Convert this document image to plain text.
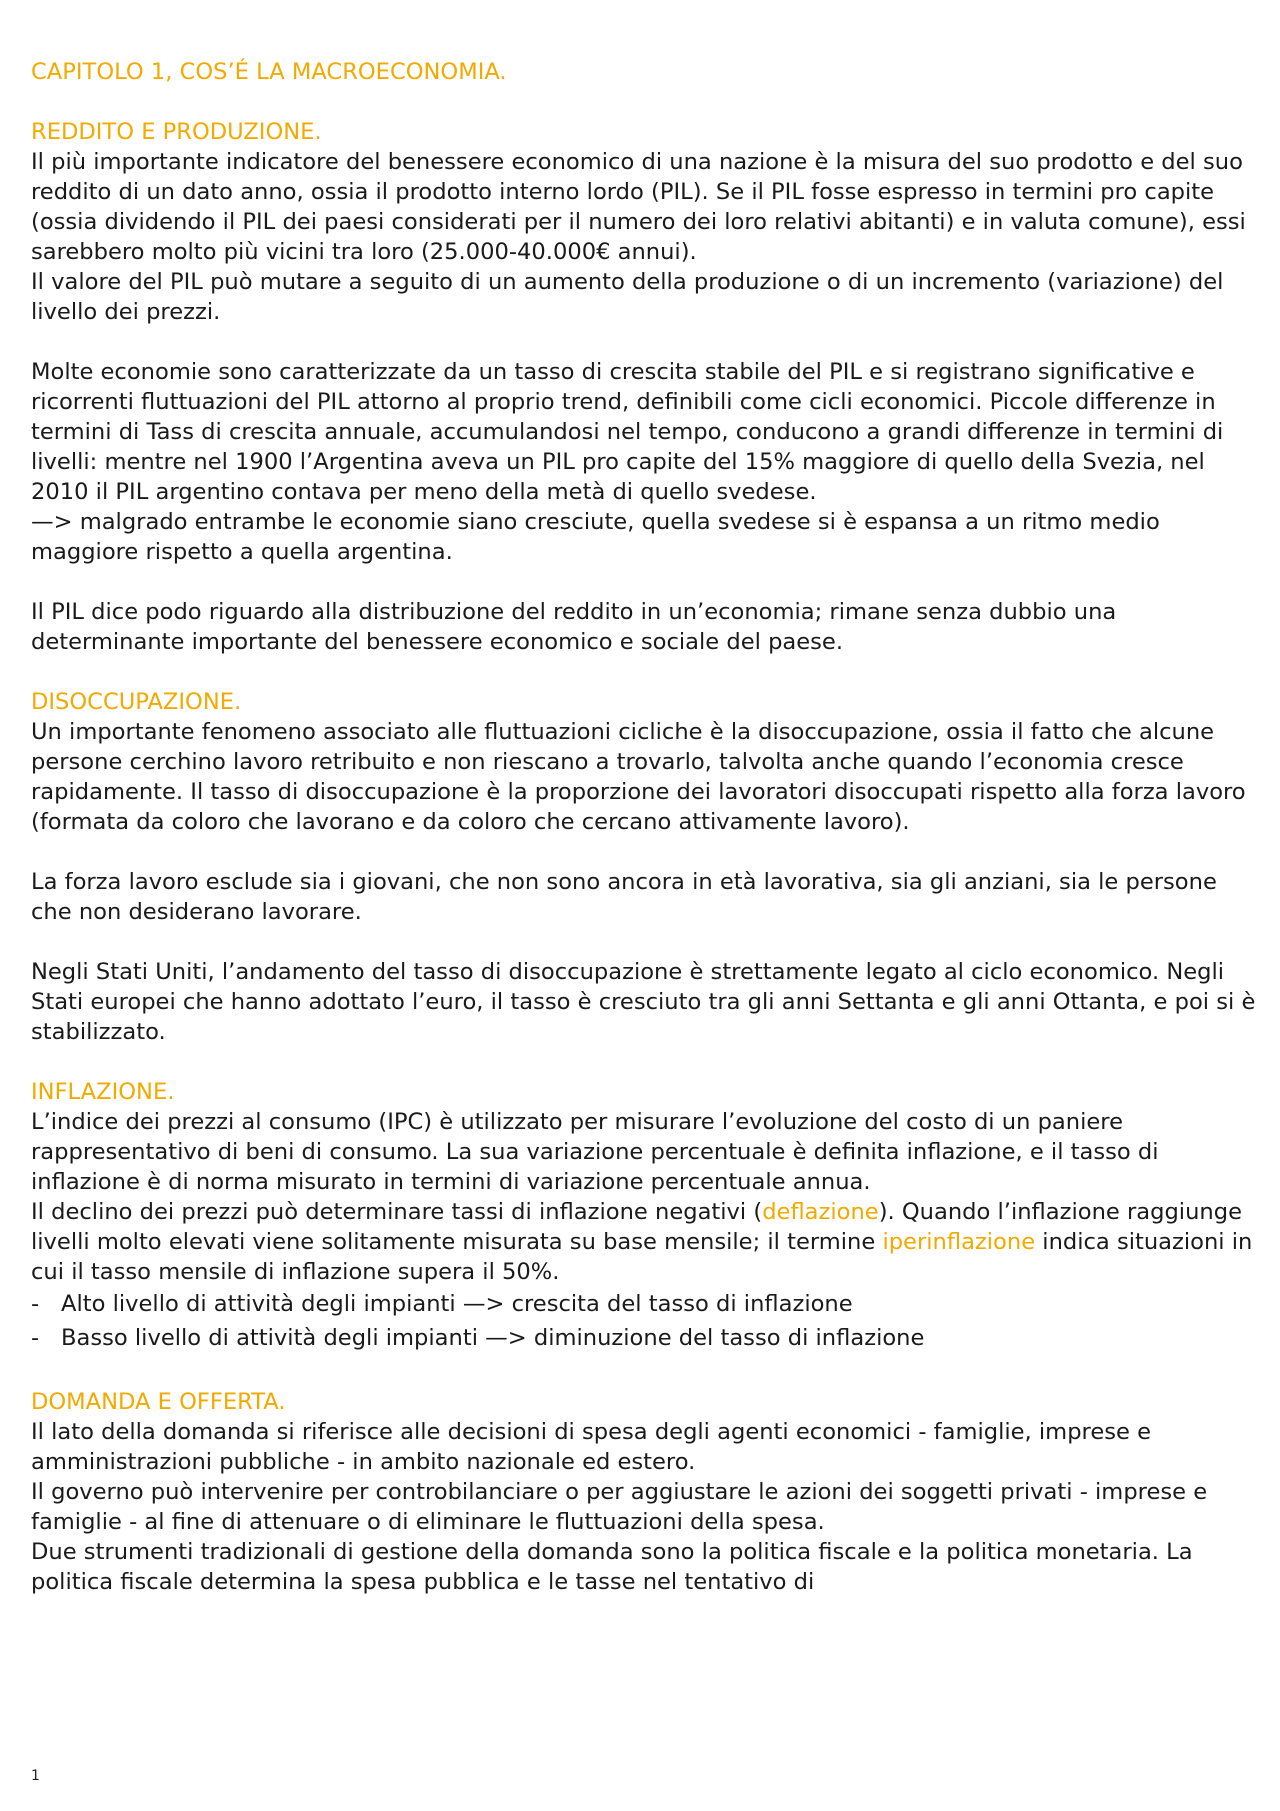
CAPITOLO 1, COS’É LA MACROECONOMIA.
REDDITO E PRODUZIONE.

Il più importante indicatore del benessere economico di una nazione è la misura del suo prodotto e del suo reddito di un dato anno, ossia il prodotto interno lordo (PIL). Se il PIL fosse espresso in termini pro capite (ossia dividendo il PIL dei paesi considerati per il numero dei loro relativi abitanti) e in valuta comune), essi sarebbero molto più vicini tra loro (25.000-40.000€ annui).

Il valore del PIL può mutare a seguito di un aumento della produzione o di un incremento (variazione) del livello dei prezzi.

Molte economie sono caratterizzate da un tasso di crescita stabile del PIL e si registrano significative e ricorrenti fluttuazioni del PIL attorno al proprio trend, definibili come cicli economici. Piccole differenze in termini di Tass di crescita annuale, accumulandosi nel tempo, conducono a grandi differenze in termini di livelli: mentre nel 1900 l’Argentina aveva un PIL pro capite del 15% maggiore di quello della Svezia, nel 2010 il PIL argentino contava per meno della metà di quello svedese.

—> malgrado entrambe le economie siano cresciute, quella svedese si è espansa a un ritmo medio maggiore rispetto a quella argentina.

Il PIL dice podo riguardo alla distribuzione del reddito in un’economia; rimane senza dubbio una determinante importante del benessere economico e sociale del paese.

DISOCCUPAZIONE.

Un importante fenomeno associato alle fluttuazioni cicliche è la disoccupazione, ossia il fatto che alcune persone cerchino lavoro retribuito e non riescano a trovarlo, talvolta anche quando l’economia cresce rapidamente. Il tasso di disoccupazione è la proporzione dei lavoratori disoccupati rispetto alla forza lavoro (formata da coloro che lavorano e da coloro che cercano attivamente lavoro).

La forza lavoro esclude sia i giovani, che non sono ancora in età lavorativa, sia gli anziani, sia le persone che non desiderano lavorare.

Negli Stati Uniti, l’andamento del tasso di disoccupazione è strettamente legato al ciclo economico. Negli Stati europei che hanno adottato l’euro, il tasso è cresciuto tra gli anni Settanta e gli anni Ottanta, e poi si è stabilizzato.

INFLAZIONE.

L’indice dei prezzi al consumo (IPC) è utilizzato per misurare l’evoluzione del costo di un paniere rappresentativo di beni di consumo. La sua variazione percentuale è definita inflazione, e il tasso di inflazione è di norma misurato in termini di variazione percentuale annua.

Il declino dei prezzi può determinare tassi di inflazione negativi (deflazione). Quando l’inflazione raggiunge livelli molto elevati viene solitamente misurata su base mensile; il termine iperinflazione indica situazioni in cui il tasso mensile di inflazione supera il 50%.

- Alto livello di attività degli impianti —> crescita del tasso di inflazione
- Basso livello di attività degli impianti —> diminuzione del tasso di inflazione
DOMANDA E OFFERTA.

Il lato della domanda si riferisce alle decisioni di spesa degli agenti economici - famiglie, imprese e amministrazioni pubbliche - in ambito nazionale ed estero.

Il governo può intervenire per controbilanciare o per aggiustare le azioni dei soggetti privati - imprese e famiglie - al fine di attenuare o di eliminare le fluttuazioni della spesa.

Due strumenti tradizionali di gestione della domanda sono la politica fiscale e la politica monetaria. La politica fiscale determina la spesa pubblica e le tasse nel tentativo di

1
